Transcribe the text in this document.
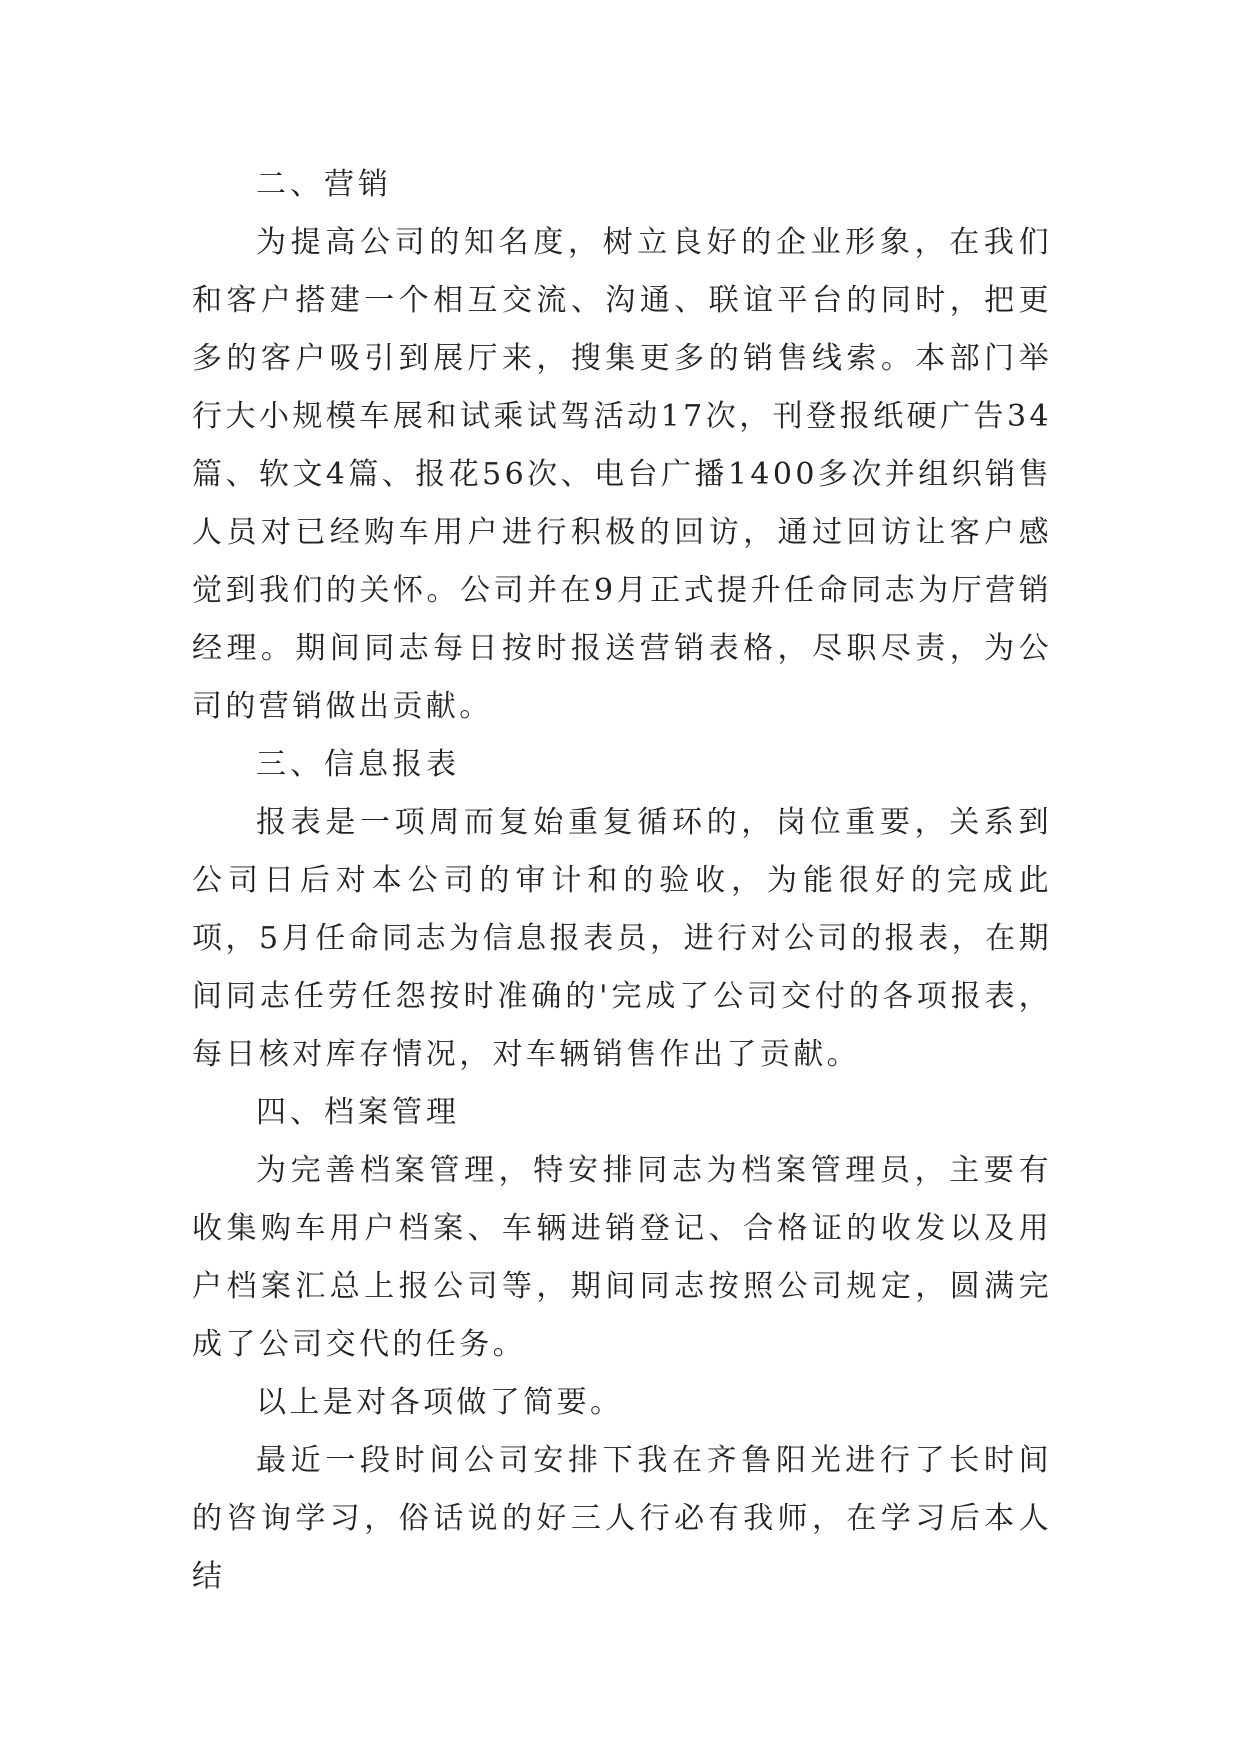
二、营销

为提高公司的知名度，树立良好的企业形象，在我们和客户搭建一个相互交流、沟通、联谊平台的同时，把更多的客户吸引到展厅来，搜集更多的销售线索。本部门举行大小规模车展和试乘试驾活动17次，刊登报纸硬广告34篇、软文4篇、报花56次、电台广播1400多次并组织销售人员对已经购车用户进行积极的回访，通过回访让客户感觉到我们的关怀。公司并在9月正式提升任命同志为厅营销经理。期间同志每日按时报送营销表格，尽职尽责，为公司的营销做出贡献。

三、信息报表

报表是一项周而复始重复循环的，岗位重要，关系到公司日后对本公司的审计和的验收，为能很好的完成此项，5月任命同志为信息报表员，进行对公司的报表，在期间同志任劳任怨按时准确的'完成了公司交付的各项报表，每日核对库存情况，对车辆销售作出了贡献。

四、档案管理

为完善档案管理，特安排同志为档案管理员，主要有收集购车用户档案、车辆进销登记、合格证的收发以及用户档案汇总上报公司等，期间同志按照公司规定，圆满完成了公司交代的任务。

以上是对各项做了简要。

最近一段时间公司安排下我在齐鲁阳光进行了长时间的咨询学习，俗话说的好三人行必有我师，在学习后本人结
